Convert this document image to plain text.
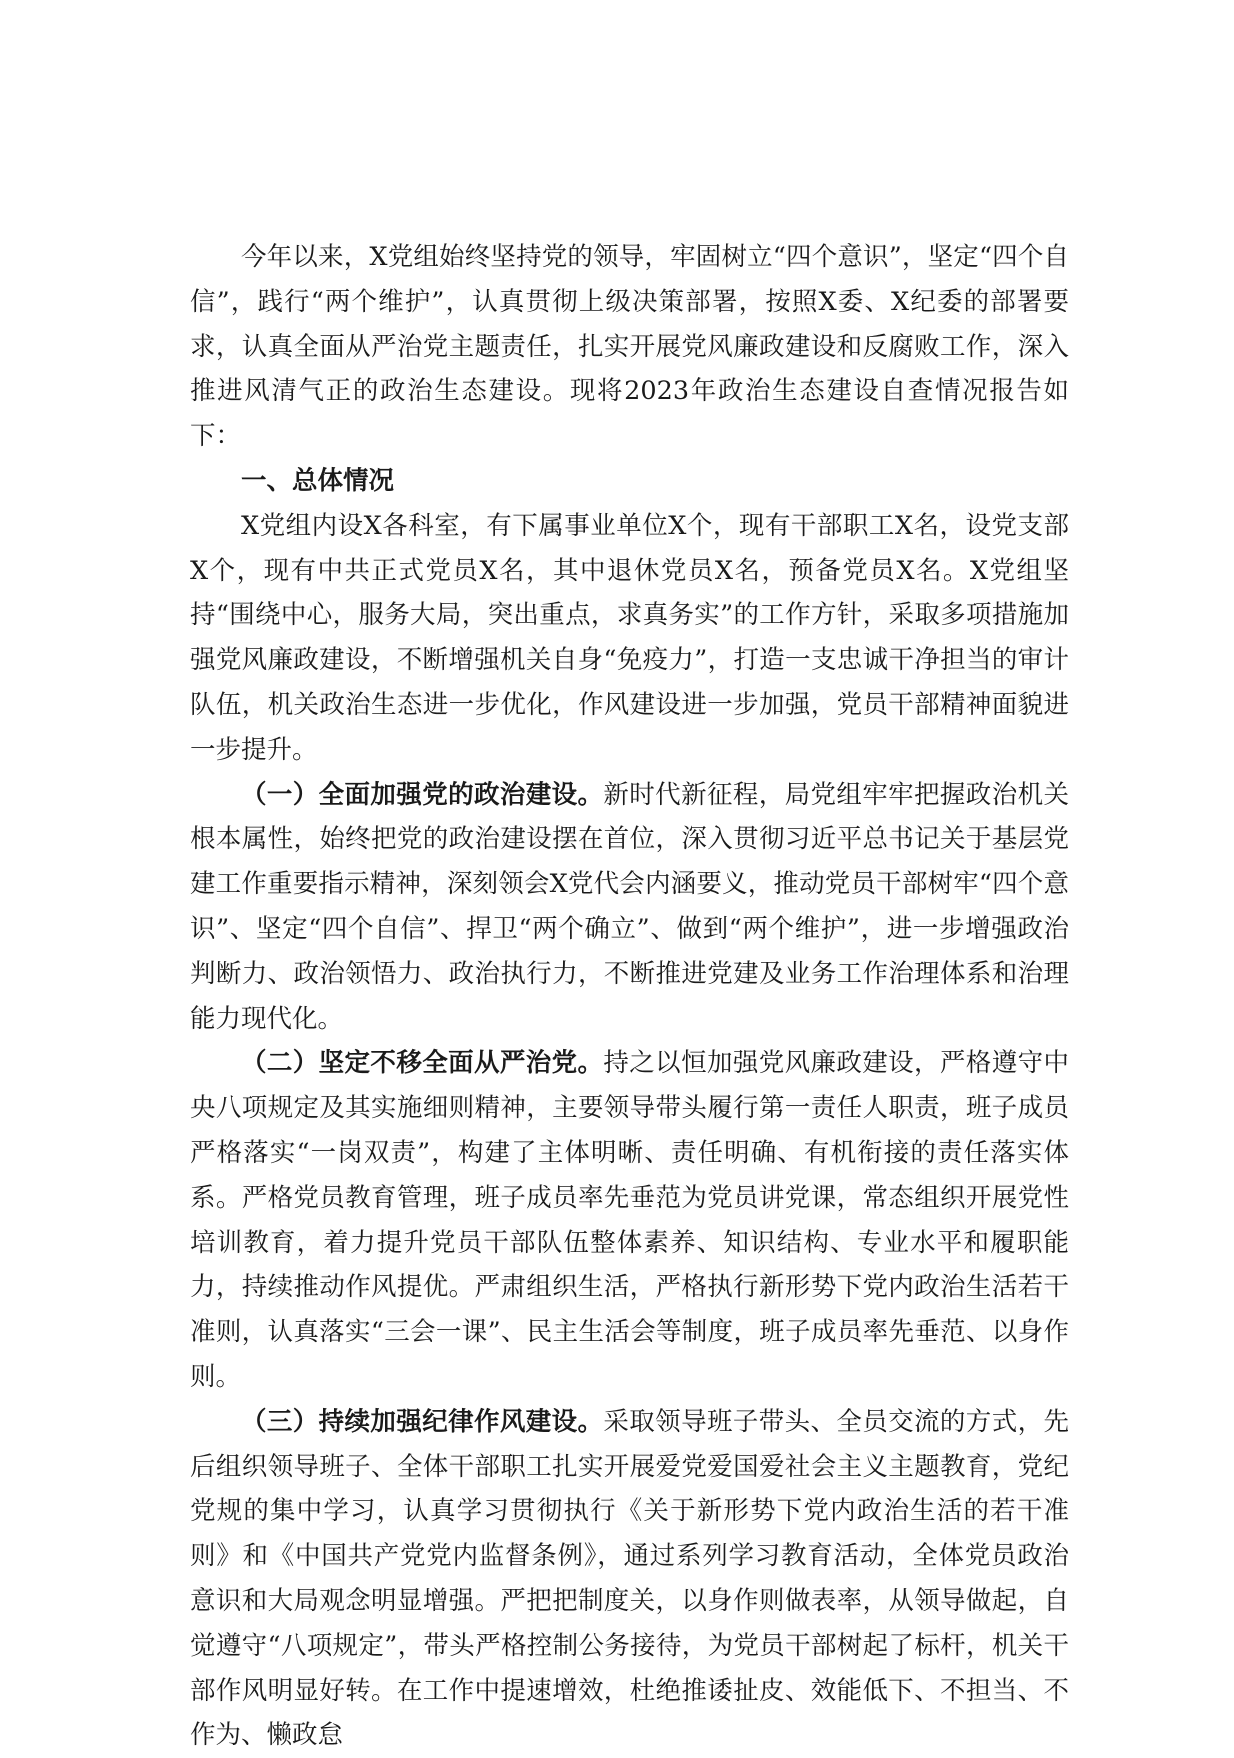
今年以来，X党组始终坚持党的领导，牢固树立“四个意识”，坚定“四个自信”，践行“两个维护”，认真贯彻上级决策部署，按照X委、X纪委的部署要求，认真全面从严治党主题责任，扎实开展党风廉政建设和反腐败工作，深入推进风清气正的政治生态建设。现将2023年政治生态建设自查情况报告如下：

一、总体情况

X党组内设X各科室，有下属事业单位X个，现有干部职工X名，设党支部X个，现有中共正式党员X名，其中退休党员X名，预备党员X名。X党组坚持“围绕中心，服务大局，突出重点，求真务实”的工作方针，采取多项措施加强党风廉政建设，不断增强机关自身“免疫力”，打造一支忠诚干净担当的审计队伍，机关政治生态进一步优化，作风建设进一步加强，党员干部精神面貌进一步提升。

（一）全面加强党的政治建设。新时代新征程，局党组牢牢把握政治机关根本属性，始终把党的政治建设摆在首位，深入贯彻习近平总书记关于基层党建工作重要指示精神，深刻领会X党代会内涵要义，推动党员干部树牢“四个意识”、坚定“四个自信”、捍卫“两个确立”、做到“两个维护”，进一步增强政治判断力、政治领悟力、政治执行力，不断推进党建及业务工作治理体系和治理能力现代化。

（二）坚定不移全面从严治党。持之以恒加强党风廉政建设，严格遵守中央八项规定及其实施细则精神，主要领导带头履行第一责任人职责，班子成员严格落实“一岗双责”，构建了主体明晰、责任明确、有机衔接的责任落实体系。严格党员教育管理，班子成员率先垂范为党员讲党课，常态组织开展党性培训教育，着力提升党员干部队伍整体素养、知识结构、专业水平和履职能力，持续推动作风提优。严肃组织生活，严格执行新形势下党内政治生活若干准则，认真落实“三会一课”、民主生活会等制度，班子成员率先垂范、以身作则。

（三）持续加强纪律作风建设。采取领导班子带头、全员交流的方式，先后组织领导班子、全体干部职工扎实开展爱党爱国爱社会主义主题教育，党纪党规的集中学习，认真学习贯彻执行《关于新形势下党内政治生活的若干准则》和《中国共产党党内监督条例》，通过系列学习教育活动，全体党员政治意识和大局观念明显增强。严把把制度关，以身作则做表率，从领导做起，自觉遵守“八项规定”，带头严格控制公务接待，为党员干部树起了标杆，机关干部作风明显好转。在工作中提速增效，杜绝推诿扯皮、效能低下、不担当、不作为、懒政怠
